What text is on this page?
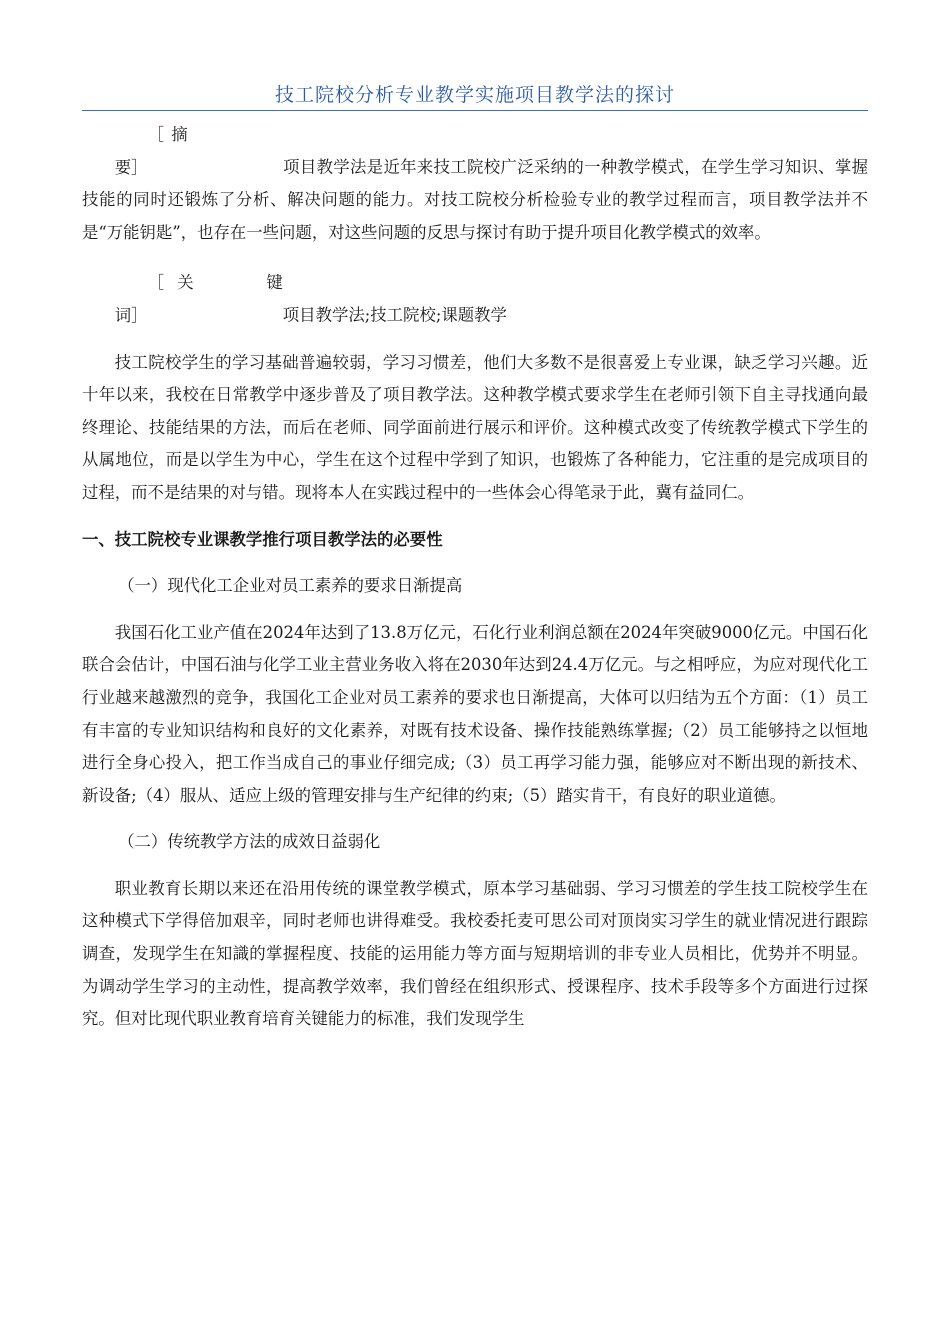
技工院校分析专业教学实施项目教学法的探讨

［摘要］	项目教学法是近年来技工院校广泛采纳的一种教学模式，在学生学习知识、掌握技能的同时还锻炼了分析、解决问题的能力。对技工院校分析检验专业的教学过程而言，项目教学法并不是“万能钥匙”，也存在一些问题，对这些问题的反思与探讨有助于提升项目化教学模式的效率。

［关　　键　　词］	项目教学法;技工院校;课题教学

技工院校学生的学习基础普遍较弱，学习习惯差，他们大多数不是很喜爱上专业课，缺乏学习兴趣。近十年以来，我校在日常教学中逐步普及了项目教学法。这种教学模式要求学生在老师引领下自主寻找通向最终理论、技能结果的方法，而后在老师、同学面前进行展示和评价。这种模式改变了传统教学模式下学生的从属地位，而是以学生为中心，学生在这个过程中学到了知识，也锻炼了各种能力，它注重的是完成项目的过程，而不是结果的对与错。现将本人在实践过程中的一些体会心得笔录于此，冀有益同仁。

一、技工院校专业课教学推行项目教学法的必要性

（一）现代化工企业对员工素养的要求日渐提高

我国石化工业产值在2024年达到了13.8万亿元，石化行业利润总额在2024年突破9000亿元。中国石化联合会估计，中国石油与化学工业主营业务收入将在2030年达到24.4万亿元。与之相呼应，为应对现代化工行业越来越激烈的竞争，我国化工企业对员工素养的要求也日渐提高，大体可以归结为五个方面：（1）员工有丰富的专业知识结构和良好的文化素养，对既有技术设备、操作技能熟练掌握;（2）员工能够持之以恒地进行全身心投入，把工作当成自己的事业仔细完成;（3）员工再学习能力强，能够应对不断出现的新技术、新设备;（4）服从、适应上级的管理安排与生产纪律的约束;（5）踏实肯干，有良好的职业道德。

（二）传统教学方法的成效日益弱化

职业教育长期以来还在沿用传统的课堂教学模式，原本学习基础弱、学习习惯差的学生技工院校学生在这种模式下学得倍加艰辛，同时老师也讲得难受。我校委托麦可思公司对顶岗实习学生的就业情况进行跟踪调查，发现学生在知識的掌握程度、技能的运用能力等方面与短期培训的非专业人员相比，优势并不明显。为调动学生学习的主动性，提高教学效率，我们曾经在组织形式、授课程序、技术手段等多个方面进行过探究。但对比现代职业教育培育关键能力的标准，我们发现学生
